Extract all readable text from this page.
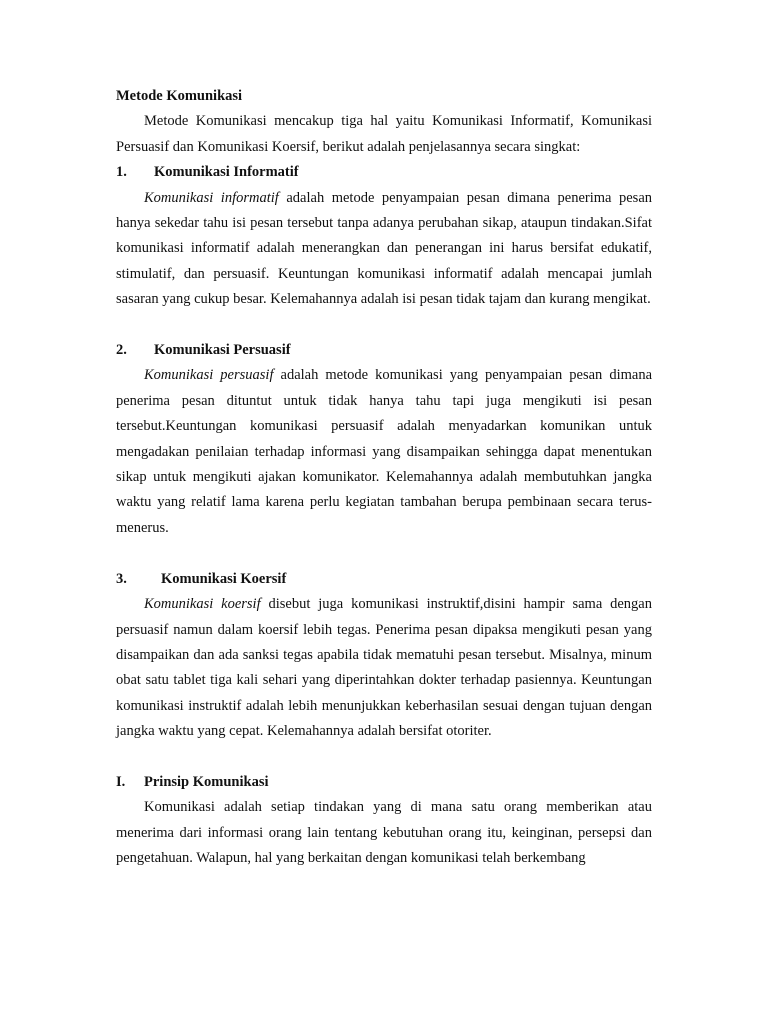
Metode Komunikasi

Metode Komunikasi mencakup tiga hal yaitu Komunikasi Informatif, Komunikasi Persuasif dan Komunikasi Koersif, berikut adalah penjelasannya secara singkat:

1.	Komunikasi Informatif

Komunikasi informatif adalah metode penyampaian pesan dimana penerima pesan hanya sekedar tahu isi pesan tersebut tanpa adanya perubahan sikap, ataupun tindakan.Sifat komunikasi informatif adalah menerangkan dan penerangan ini harus bersifat edukatif, stimulatif, dan persuasif. Keuntungan komunikasi informatif adalah mencapai jumlah sasaran yang cukup besar. Kelemahannya adalah isi pesan tidak tajam dan kurang mengikat.

2.	Komunikasi Persuasif

Komunikasi persuasif adalah metode komunikasi yang penyampaian pesan dimana penerima pesan dituntut untuk tidak hanya tahu tapi juga mengikuti isi pesan tersebut.Keuntungan komunikasi persuasif adalah menyadarkan komunikan untuk mengadakan penilaian terhadap informasi yang disampaikan sehingga dapat menentukan sikap untuk mengikuti ajakan komunikator. Kelemahannya adalah membutuhkan jangka waktu yang relatif lama karena perlu kegiatan tambahan berupa pembinaan secara terus-menerus.

3.	Komunikasi Koersif

Komunikasi koersif disebut juga komunikasi instruktif,disini hampir sama dengan persuasif namun dalam koersif lebih tegas. Penerima pesan dipaksa mengikuti pesan yang disampaikan dan ada sanksi tegas apabila tidak mematuhi pesan tersebut. Misalnya, minum obat satu tablet tiga kali sehari yang diperintahkan dokter terhadap pasiennya. Keuntungan komunikasi instruktif adalah lebih menunjukkan keberhasilan sesuai dengan tujuan dengan jangka waktu yang cepat. Kelemahannya adalah bersifat otoriter.

I.	Prinsip Komunikasi

Komunikasi adalah setiap tindakan yang di mana satu orang memberikan atau menerima dari informasi orang lain tentang kebutuhan orang itu, keinginan, persepsi dan pengetahuan. Walapun, hal yang berkaitan dengan komunikasi telah berkembang
